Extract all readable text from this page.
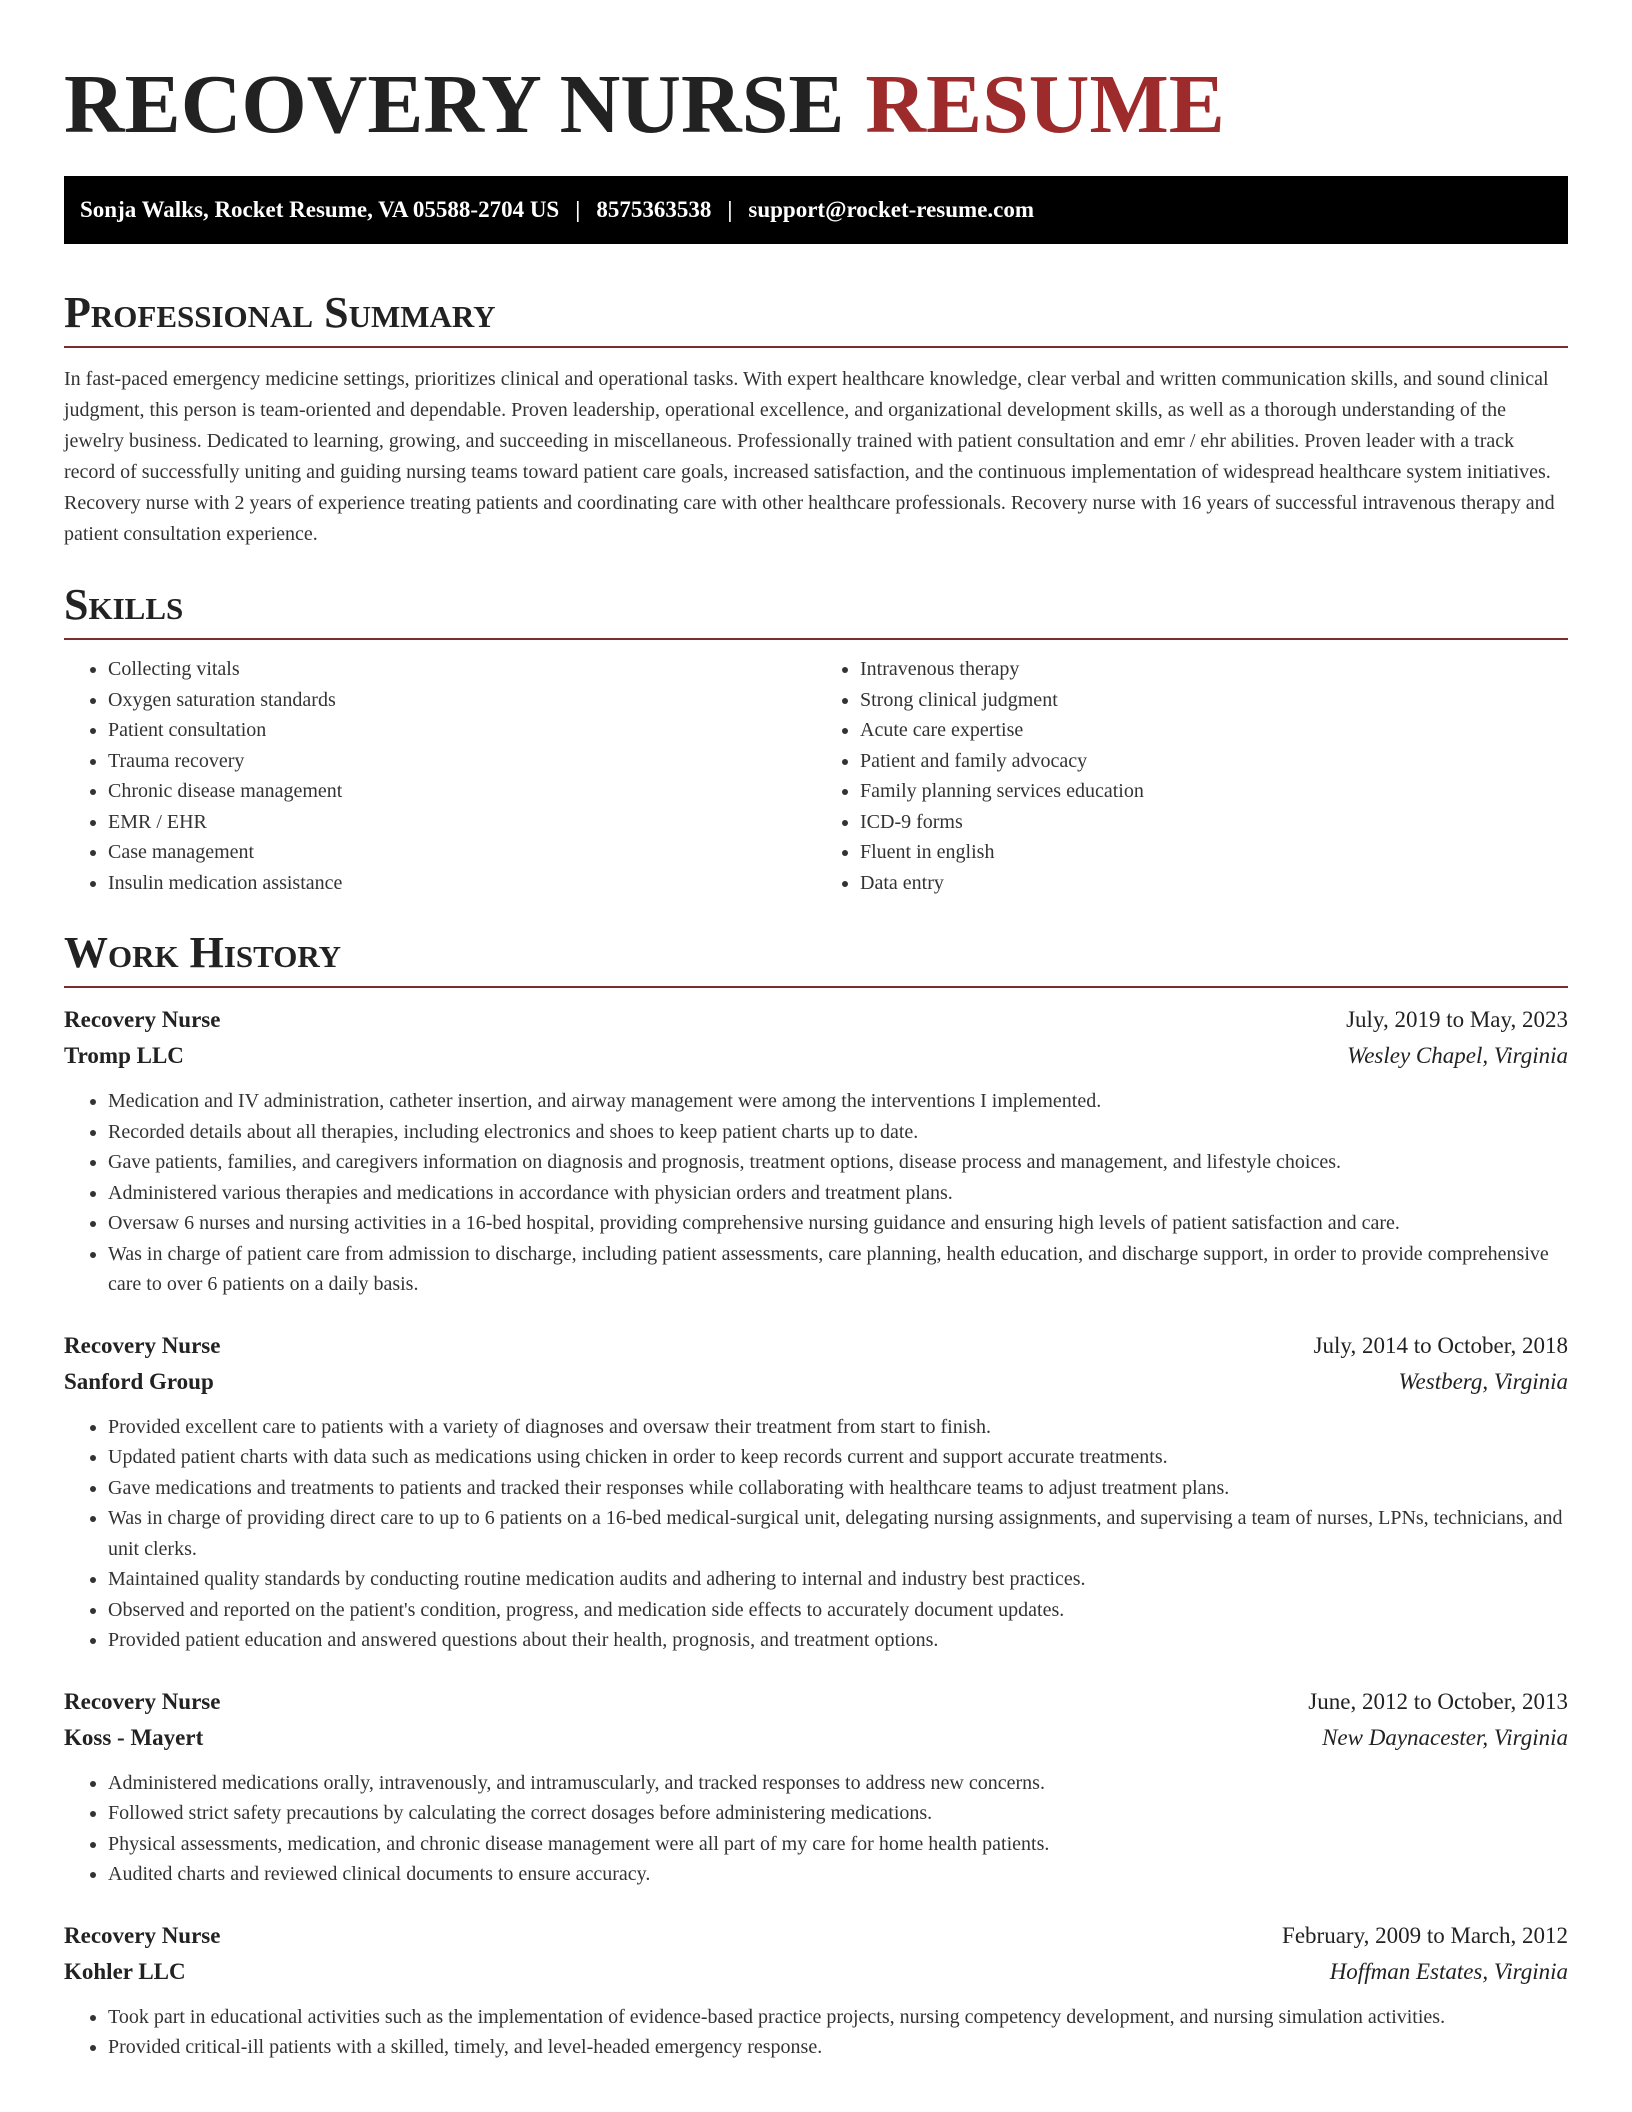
RECOVERY NURSE RESUME
Sonja Walks, Rocket Resume, VA 05588-2704 US | 8575363538 | support@rocket-resume.com
Professional Summary

In fast-paced emergency medicine settings, prioritizes clinical and operational tasks. With expert healthcare knowledge, clear verbal and written communication skills, and sound clinical judgment, this person is team-oriented and dependable. Proven leadership, operational excellence, and organizational development skills, as well as a thorough understanding of the jewelry business. Dedicated to learning, growing, and succeeding in miscellaneous. Professionally trained with patient consultation and emr / ehr abilities. Proven leader with a track record of successfully uniting and guiding nursing teams toward patient care goals, increased satisfaction, and the continuous implementation of widespread healthcare system initiatives. Recovery nurse with 2 years of experience treating patients and coordinating care with other healthcare professionals. Recovery nurse with 16 years of successful intravenous therapy and patient consultation experience.

Skills
• Collecting vitals
• Oxygen saturation standards
• Patient consultation
• Trauma recovery
• Chronic disease management
• EMR / EHR
• Case management
• Insulin medication assistance
• Intravenous therapy
• Strong clinical judgment
• Acute care expertise
• Patient and family advocacy
• Family planning services education
• ICD-9 forms
• Fluent in english
• Data entry
Work History
Recovery Nurse	July, 2019 to May, 2023
Tromp LLC	Wesley Chapel, Virginia
• Medication and IV administration, catheter insertion, and airway management were among the interventions I implemented.
• Recorded details about all therapies, including electronics and shoes to keep patient charts up to date.
• Gave patients, families, and caregivers information on diagnosis and prognosis, treatment options, disease process and management, and lifestyle choices.
• Administered various therapies and medications in accordance with physician orders and treatment plans.
• Oversaw 6 nurses and nursing activities in a 16-bed hospital, providing comprehensive nursing guidance and ensuring high levels of patient satisfaction and care.
• Was in charge of patient care from admission to discharge, including patient assessments, care planning, health education, and discharge support, in order to provide comprehensive care to over 6 patients on a daily basis.
Recovery Nurse	July, 2014 to October, 2018
Sanford Group	Westberg, Virginia
• Provided excellent care to patients with a variety of diagnoses and oversaw their treatment from start to finish.
• Updated patient charts with data such as medications using chicken in order to keep records current and support accurate treatments.
• Gave medications and treatments to patients and tracked their responses while collaborating with healthcare teams to adjust treatment plans.
• Was in charge of providing direct care to up to 6 patients on a 16-bed medical-surgical unit, delegating nursing assignments, and supervising a team of nurses, LPNs, technicians, and unit clerks.
• Maintained quality standards by conducting routine medication audits and adhering to internal and industry best practices.
• Observed and reported on the patient's condition, progress, and medication side effects to accurately document updates.
• Provided patient education and answered questions about their health, prognosis, and treatment options.
Recovery Nurse	June, 2012 to October, 2013
Koss - Mayert	New Daynacester, Virginia
• Administered medications orally, intravenously, and intramuscularly, and tracked responses to address new concerns.
• Followed strict safety precautions by calculating the correct dosages before administering medications.
• Physical assessments, medication, and chronic disease management were all part of my care for home health patients.
• Audited charts and reviewed clinical documents to ensure accuracy.
Recovery Nurse	February, 2009 to March, 2012
Kohler LLC	Hoffman Estates, Virginia
• Took part in educational activities such as the implementation of evidence-based practice projects, nursing competency development, and nursing simulation activities.
• Provided critical-ill patients with a skilled, timely, and level-headed emergency response.
